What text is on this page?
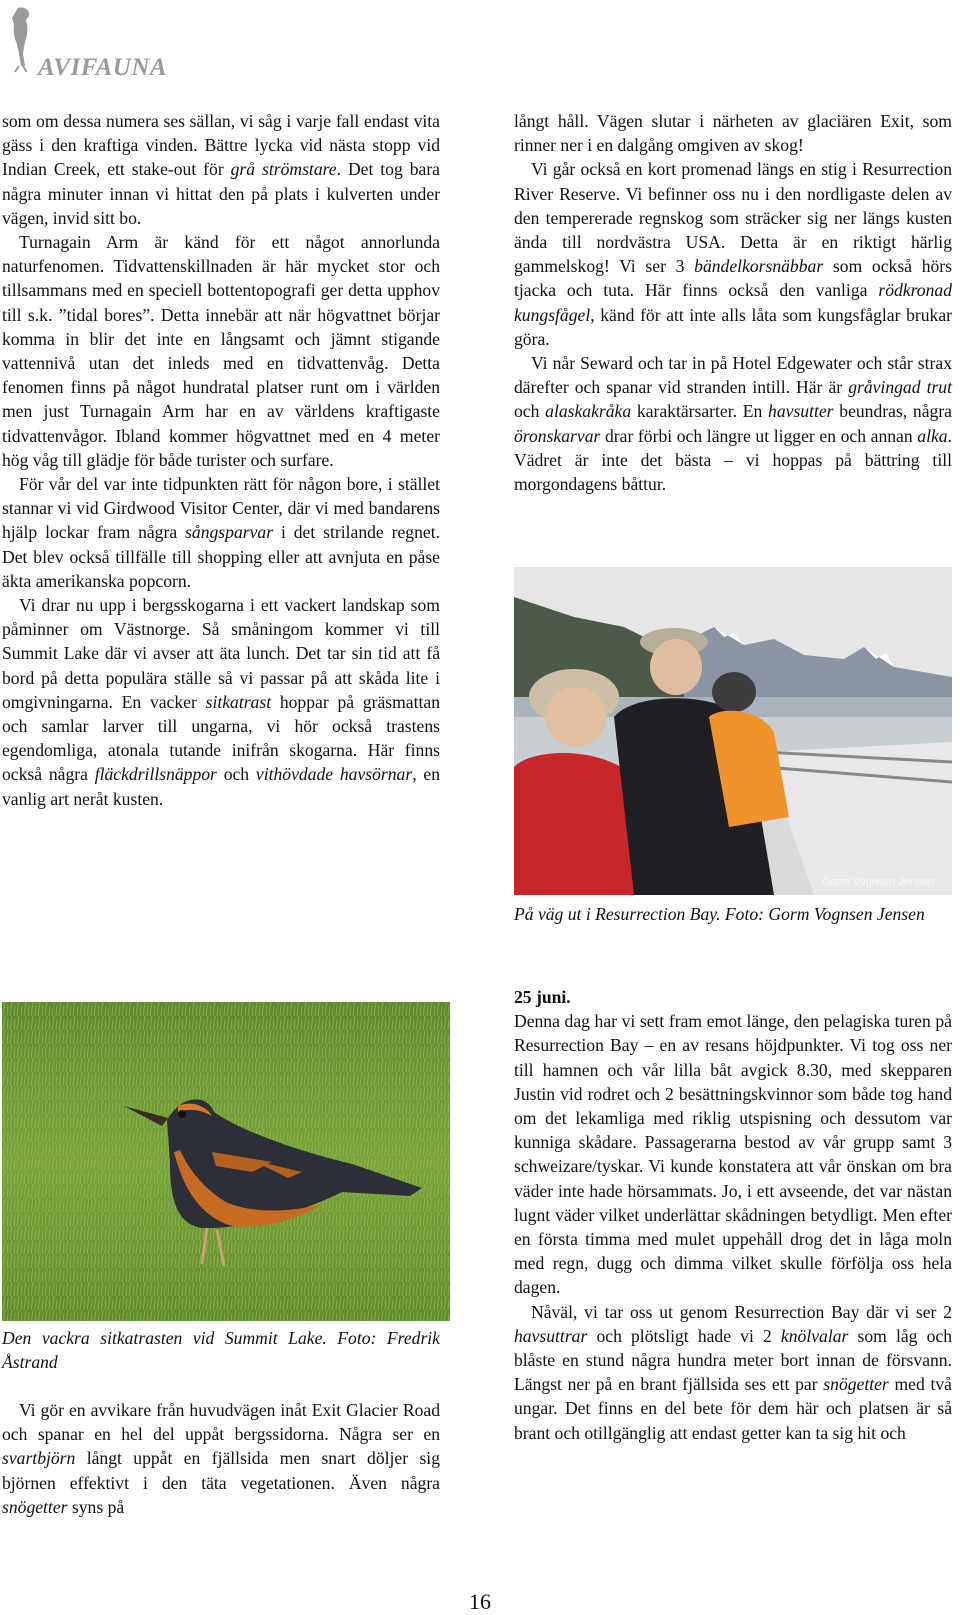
AVIFAUNA

som om dessa numera ses sällan, vi såg i varje fall endast vita gäss i den kraftiga vinden. Bättre lycka vid nästa stopp vid Indian Creek, ett stake-out för grå strömstare. Det tog bara några minuter innan vi hittat den på plats i kulverten under vägen, invid sitt bo.

Turnagain Arm är känd för ett något annorlunda naturfenomen. Tidvattenskillnaden är här mycket stor och tillsammans med en speciell bottentopografi ger detta upphov till s.k. ”tidal bores”. Detta innebär att när högvattnet börjar komma in blir det inte en långsamt och jämnt stigande vattennivå utan det inleds med en tidvattenvåg. Detta fenomen finns på något hundratal platser runt om i världen men just Turnagain Arm har en av världens kraftigaste tidvattenvågor. Ibland kommer högvattnet med en 4 meter hög våg till glädje för både turister och surfare.

För vår del var inte tidpunkten rätt för någon bore, i stället stannar vi vid Girdwood Visitor Center, där vi med bandarens hjälp lockar fram några sångsparvar i det strilande regnet. Det blev också tillfälle till shopping eller att avnjuta en påse äkta amerikanska popcorn.

Vi drar nu upp i bergsskogarna i ett vackert landskap som påminner om Västnorge. Så småningom kommer vi till Summit Lake där vi avser att äta lunch. Det tar sin tid att få bord på detta populära ställe så vi passar på att skåda lite i omgivningarna. En vacker sitkatrast hoppar på gräsmattan och samlar larver till ungarna, vi hör också trastens egendomliga, atonala tutande inifrån skogarna. Här finns också några fläckdrillsnäppor och vithövdade havsörnar, en vanlig art neråt kusten.

Den vackra sitkatrasten vid Summit Lake. Foto: Fredrik Åstrand

Vi gör en avvikare från huvudvägen inåt Exit Glacier Road och spanar en hel del uppåt bergssidorna. Några ser en svartbjörn långt uppåt en fjällsida men snart döljer sig björnen effektivt i den täta vegetationen. Även några snögetter syns på

långt håll. Vägen slutar i närheten av glaciären Exit, som rinner ner i en dalgång omgiven av skog!

Vi går också en kort promenad längs en stig i Resurrection River Reserve. Vi befinner oss nu i den nordligaste delen av den tempererade regnskog som sträcker sig ner längs kusten ända till nordvästra USA. Detta är en riktigt härlig gammelskog! Vi ser 3 bändelkorsnäbbar som också hörs tjacka och tuta. Här finns också den vanliga rödkronad kungsfågel, känd för att inte alls låta som kungsfåglar brukar göra.

Vi når Seward och tar in på Hotel Edgewater och står strax därefter och spanar vid stranden intill. Här är gråvingad trut och alaskakråka karaktärsarter. En havsutter beundras, några öronskarvar drar förbi och längre ut ligger en och annan alka. Vädret är inte det bästa – vi hoppas på bättring till morgondagens båttur.

Gorm Vognsen Jensen
På väg ut i Resurrection Bay. Foto: Gorm Vognsen Jensen

25 juni.

Denna dag har vi sett fram emot länge, den pelagiska turen på Resurrection Bay – en av resans höjdpunkter. Vi tog oss ner till hamnen och vår lilla båt avgick 8.30, med skepparen Justin vid rodret och 2 besättningskvinnor som både tog hand om det lekamliga med riklig utspisning och dessutom var kunniga skådare. Passagerarna bestod av vår grupp samt 3 schweizare/tyskar. Vi kunde konstatera att vår önskan om bra väder inte hade hörsammats. Jo, i ett avseende, det var nästan lugnt väder vilket underlättar skådningen betydligt. Men efter en första timma med mulet uppehåll drog det in låga moln med regn, dugg och dimma vilket skulle förfölja oss hela dagen.

Nåväl, vi tar oss ut genom Resurrection Bay där vi ser 2 havsuttrar och plötsligt hade vi 2 knölvalar som låg och blåste en stund några hundra meter bort innan de försvann. Längst ner på en brant fjällsida ses ett par snögetter med två ungar. Det finns en del bete för dem här och platsen är så brant och otillgänglig att endast getter kan ta sig hit och

16
